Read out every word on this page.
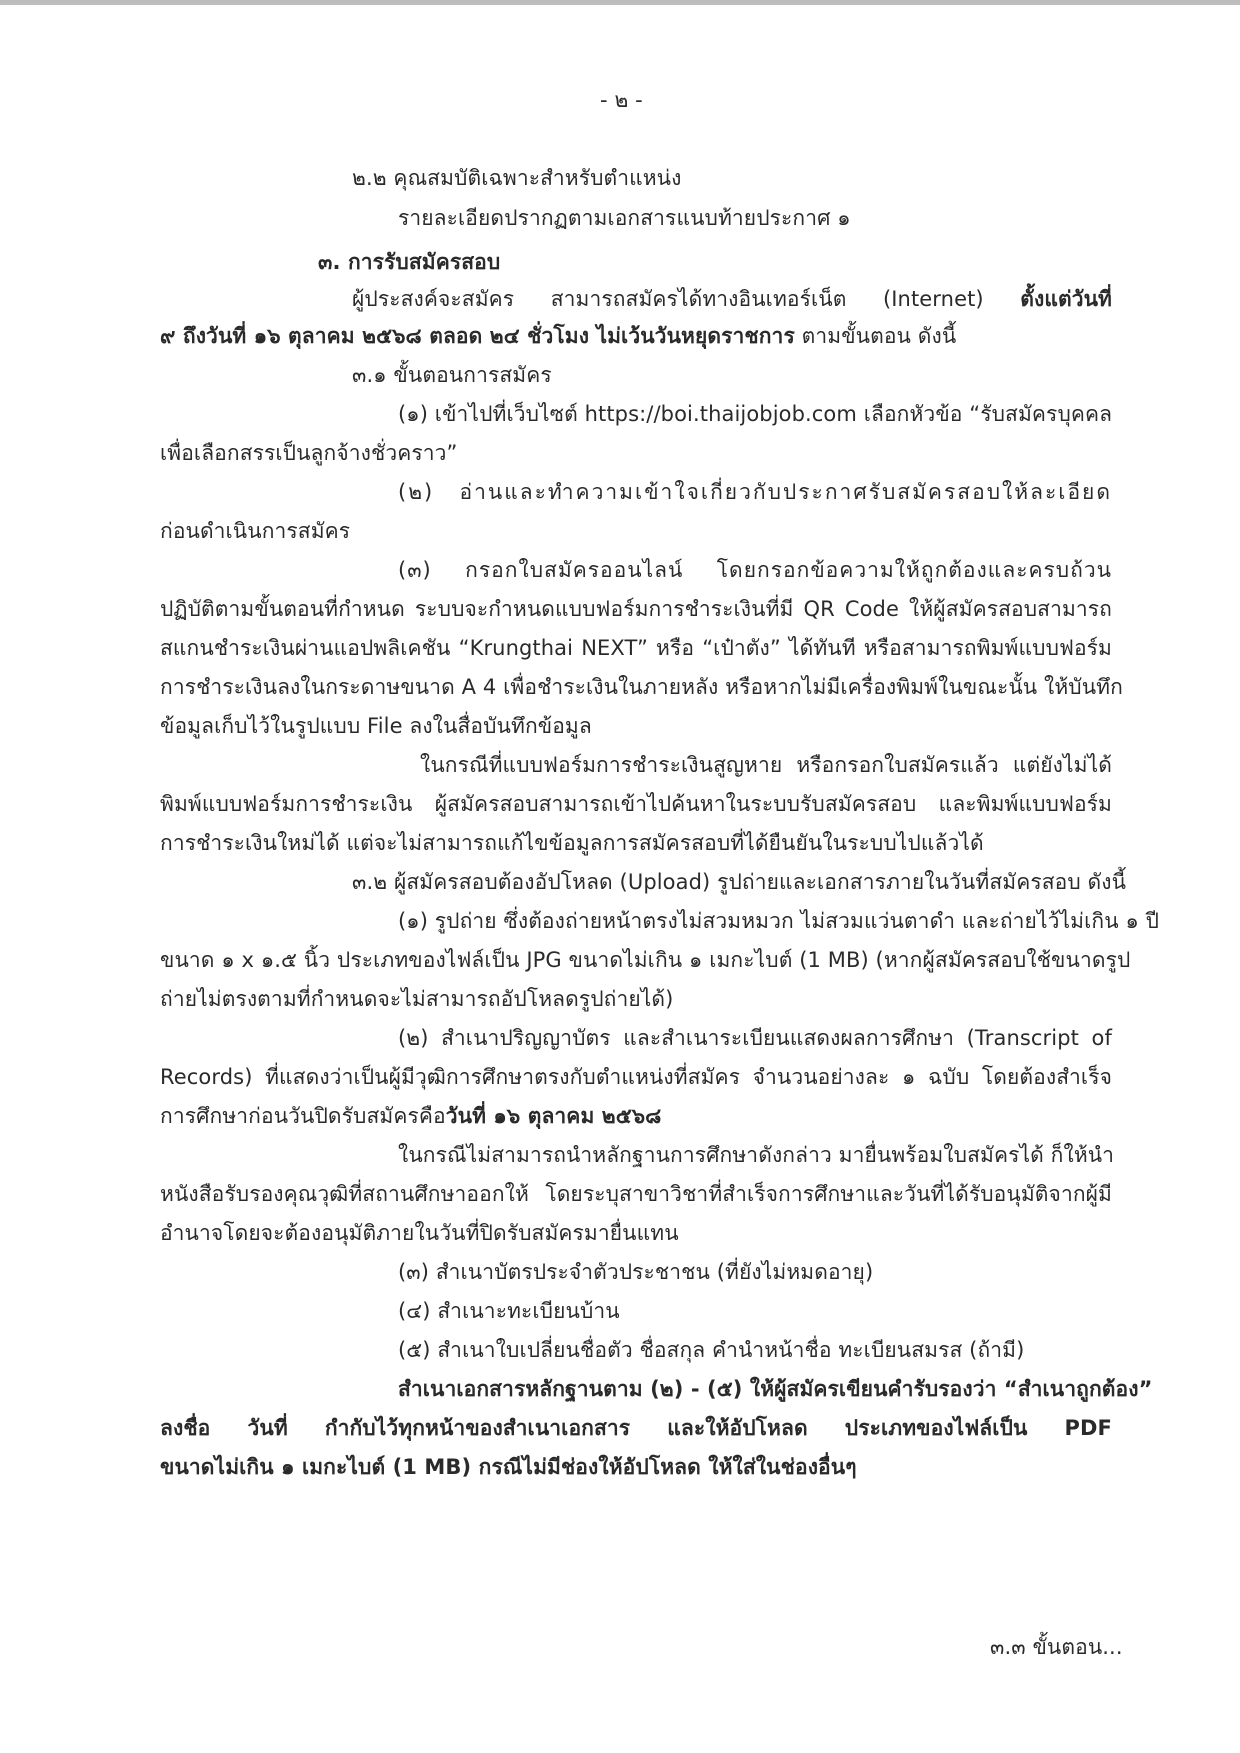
- ๒ -
๒.๒ คุณสมบัติเฉพาะสำหรับตำแหน่ง
รายละเอียดปรากฏตามเอกสารแนบท้ายประกาศ ๑
๓. การรับสมัครสอบ
ผู้ประสงค์จะสมัคร สามารถสมัครได้ทางอินเทอร์เน็ต (Internet) ตั้งแต่วันที่
๙ ถึงวันที่ ๑๖ ตุลาคม ๒๕๖๘ ตลอด ๒๔ ชั่วโมง ไม่เว้นวันหยุดราชการ ตามขั้นตอน ดังนี้
๓.๑ ขั้นตอนการสมัคร
(๑) เข้าไปที่เว็บไซต์ https://boi.thaijobjob.com เลือกหัวข้อ “รับสมัครบุคคล
เพื่อเลือกสรรเป็นลูกจ้างชั่วคราว”
(๒) อ่านและทำความเข้าใจเกี่ยวกับประกาศรับสมัครสอบให้ละเอียด
ก่อนดำเนินการสมัคร
(๓) กรอกใบสมัครออนไลน์ โดยกรอกข้อความให้ถูกต้องและครบถ้วน
ปฏิบัติตามขั้นตอนที่กำหนด ระบบจะกำหนดแบบฟอร์มการชำระเงินที่มี QR Code ให้ผู้สมัครสอบสามารถ
สแกนชำระเงินผ่านแอปพลิเคชัน “Krungthai NEXT” หรือ “เป๋าตัง” ได้ทันที หรือสามารถพิมพ์แบบฟอร์ม
การชำระเงินลงในกระดาษขนาด A 4 เพื่อชำระเงินในภายหลัง หรือหากไม่มีเครื่องพิมพ์ในขณะนั้น ให้บันทึก
ข้อมูลเก็บไว้ในรูปแบบ File ลงในสื่อบันทึกข้อมูล
ในกรณีที่แบบฟอร์มการชำระเงินสูญหาย หรือกรอกใบสมัครแล้ว แต่ยังไม่ได้
พิมพ์แบบฟอร์มการชำระเงิน ผู้สมัครสอบสามารถเข้าไปค้นหาในระบบรับสมัครสอบ และพิมพ์แบบฟอร์ม
การชำระเงินใหม่ได้ แต่จะไม่สามารถแก้ไขข้อมูลการสมัครสอบที่ได้ยืนยันในระบบไปแล้วได้
๓.๒ ผู้สมัครสอบต้องอัปโหลด (Upload) รูปถ่ายและเอกสารภายในวันที่สมัครสอบ ดังนี้
(๑) รูปถ่าย ซึ่งต้องถ่ายหน้าตรงไม่สวมหมวก ไม่สวมแว่นตาดำ และถ่ายไว้ไม่เกิน ๑ ปี
ขนาด ๑ x ๑.๕ นิ้ว ประเภทของไฟล์เป็น JPG ขนาดไม่เกิน ๑ เมกะไบต์ (1 MB) (หากผู้สมัครสอบใช้ขนาดรูป
ถ่ายไม่ตรงตามที่กำหนดจะไม่สามารถอัปโหลดรูปถ่ายได้)
(๒) สำเนาปริญญาบัตร และสำเนาระเบียนแสดงผลการศึกษา (Transcript of
Records) ที่แสดงว่าเป็นผู้มีวุฒิการศึกษาตรงกับตำแหน่งที่สมัคร จำนวนอย่างละ ๑ ฉบับ โดยต้องสำเร็จ
การศึกษาก่อนวันปิดรับสมัครคือวันที่ ๑๖ ตุลาคม ๒๕๖๘
ในกรณีไม่สามารถนำหลักฐานการศึกษาดังกล่าว มายื่นพร้อมใบสมัครได้ ก็ให้นำ
หนังสือรับรองคุณวุฒิที่สถานศึกษาออกให้ โดยระบุสาขาวิชาที่สำเร็จการศึกษาและวันที่ได้รับอนุมัติจากผู้มี
อำนาจโดยจะต้องอนุมัติภายในวันที่ปิดรับสมัครมายื่นแทน
(๓) สำเนาบัตรประจำตัวประชาชน (ที่ยังไม่หมดอายุ)
(๔) สำเนาะทะเบียนบ้าน
(๕) สำเนาใบเปลี่ยนชื่อตัว ชื่อสกุล คำนำหน้าชื่อ ทะเบียนสมรส (ถ้ามี)
สำเนาเอกสารหลักฐานตาม (๒) - (๕) ให้ผู้สมัครเขียนคำรับรองว่า “สำเนาถูกต้อง”
ลงชื่อ วันที่ กำกับไว้ทุกหน้าของสำเนาเอกสาร และให้อัปโหลด ประเภทของไฟล์เป็น PDF
ขนาดไม่เกิน ๑ เมกะไบต์ (1 MB) กรณีไม่มีช่องให้อัปโหลด ให้ใส่ในช่องอื่นๆ
๓.๓ ขั้นตอน...
